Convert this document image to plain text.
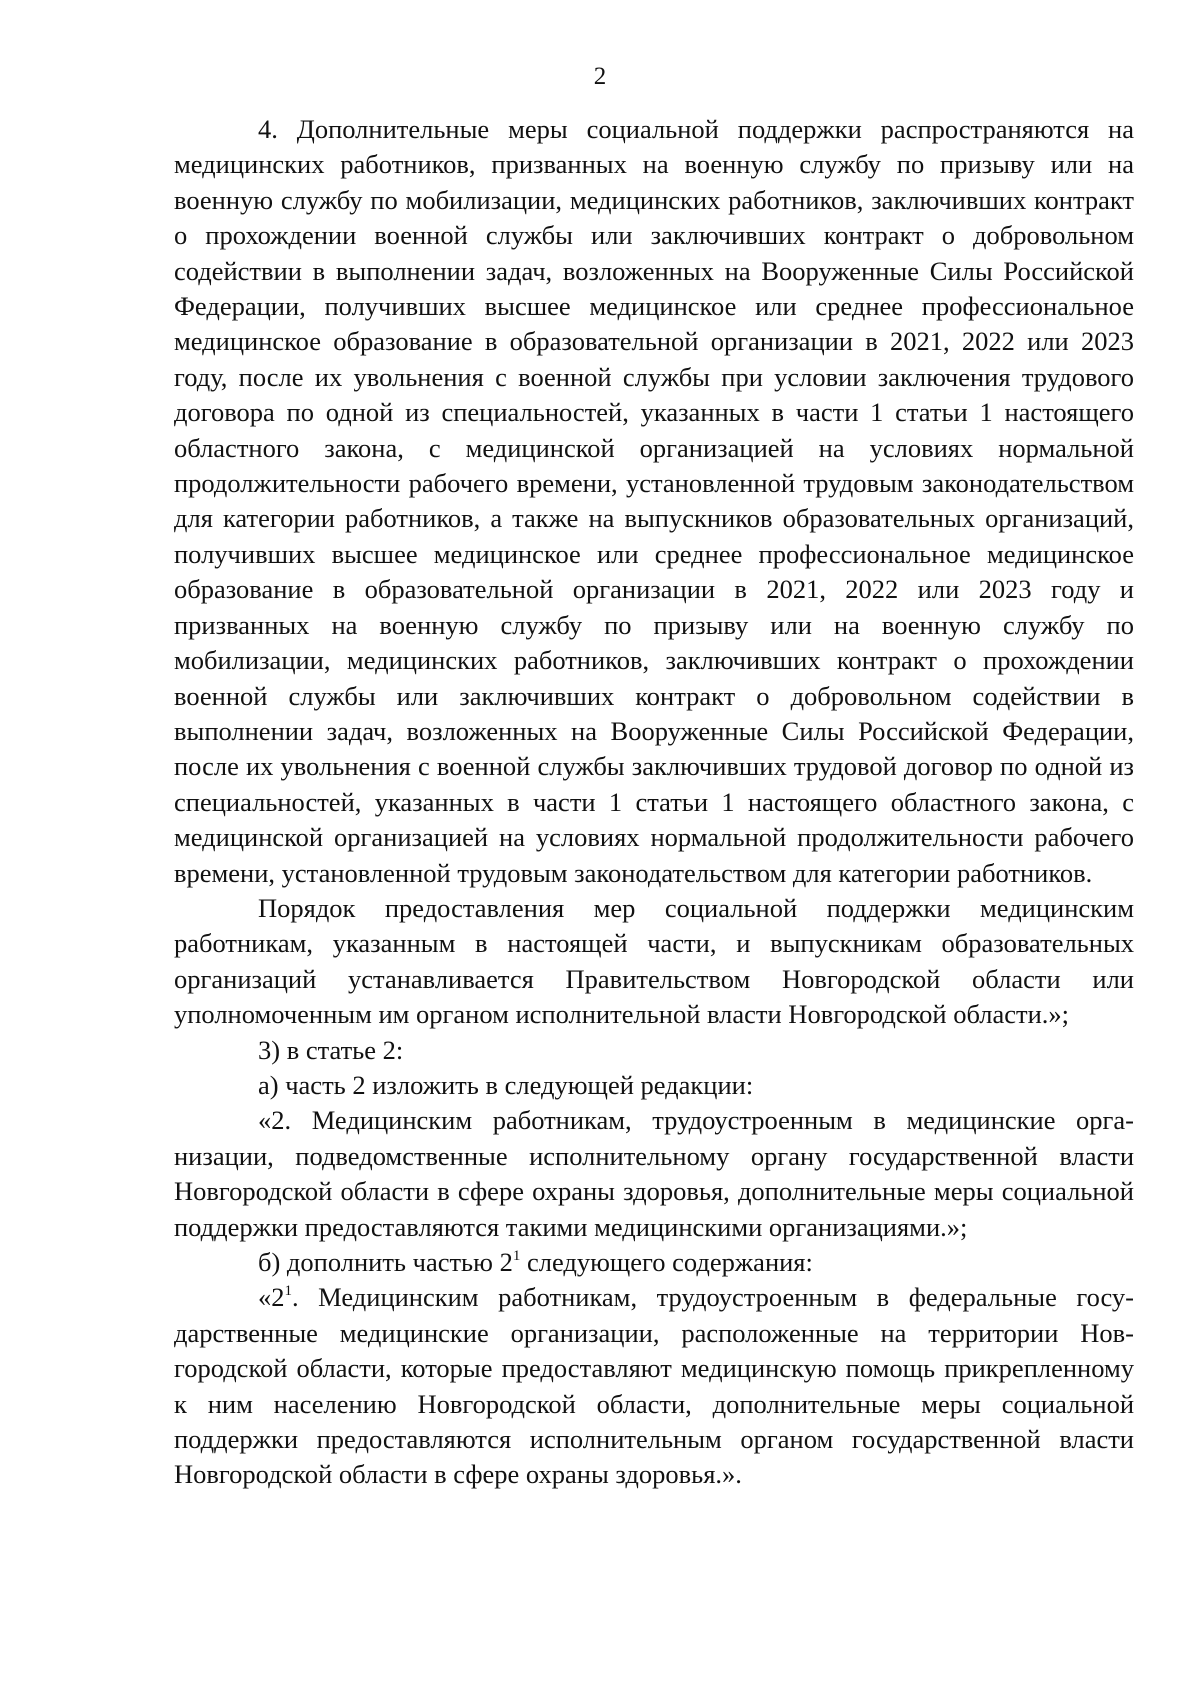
2

4. Дополнительные меры социальной поддержки распространяются на медицинских работников, призванных на военную службу по призыву или на военную службу по мобилизации, медицинских работников, заключивших контракт о прохождении военной службы или заключивших контракт о добровольном содействии в выполнении задач, возложенных на Вооруженные Силы Российской Федерации, получивших высшее медицинское или среднее профессиональное медицинское образование в образовательной организации в 2021, 2022 или 2023 году, после их увольнения с военной службы при условии заключения трудового договора по одной из специальностей, указанных в части 1 статьи 1 настоящего областного закона, с медицинской организацией на условиях нормальной продолжительности рабочего времени, установленной трудовым законодательством для категории работников, а также на выпускников образовательных организаций, получивших высшее медицинское или среднее профессиональное медицинское образование в образовательной организации в 2021, 2022 или 2023 году и призванных на военную службу по призыву или на военную службу по мобилизации, медицинских работников, заключивших контракт о прохождении военной службы или заключивших контракт о добровольном содействии в выполнении задач, возложенных на Вооруженные Силы Российской Федерации, после их увольнения с военной службы заключивших трудовой договор по одной из специальностей, указанных в части 1 статьи 1 настоящего областного закона, с медицинской организацией на условиях нормальной продолжительности рабочего времени, установленной трудовым законодательством для категории работников.

Порядок предоставления мер социальной поддержки медицинским работникам, указанным в настоящей части, и выпускникам образовательных организаций устанавливается Правительством Новгородской области или уполномоченным им органом исполнительной власти Новгородской области.»;

3) в статье 2:

а) часть 2 изложить в следующей редакции:

«2. Медицинским работникам, трудоустроенным в медицинские организации, подведомственные исполнительному органу государственной власти Новгородской области в сфере охраны здоровья, дополнительные меры социальной поддержки предоставляются такими медицинскими организациями.»;

б) дополнить частью $2^1$ следующего содержания:

«$2^1$. Медицинским работникам, трудоустроенным в федеральные государственные медицинские организации, расположенные на территории Новгородской области, которые предоставляют медицинскую помощь прикрепленному к ним населению Новгородской области, дополнительные меры социальной поддержки предоставляются исполнительным органом государственной власти Новгородской области в сфере охраны здоровья.».
